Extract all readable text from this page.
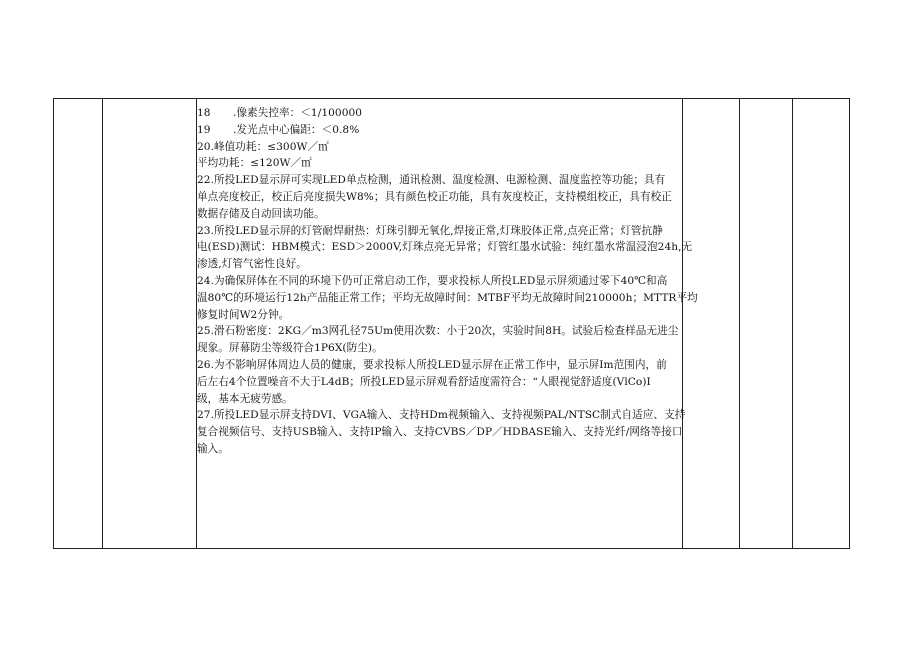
18 .像素失控率：＜1/100000
19 .发光点中心偏距：＜0.8%
20.峰值功耗：≤300W／㎡
平均功耗：≤120W／㎡
22.所投LED显示屏可实现LED单点检测，通讯检测、温度检测、电源检测、温度监控等功能；具有
单点亮度校正，校正后亮度损失W8%；具有颜色校正功能，具有灰度校正，支持模组校正，具有校正
数据存储及自动回读功能。
23.所投LED显示屏的灯管耐焊耐热：灯珠引脚无氧化,焊接正常,灯珠胶体正常,点亮正常；灯管抗静
电(ESD)测试：HBM模式：ESD＞2000V,灯珠点亮无异常；灯管红墨水试验：纯红墨水常温浸泡24h,无
渗透,灯管气密性良好。
24.为确保屏体在不同的环境下仍可正常启动工作，要求投标人所投LED显示屏须通过零下40℃和高
温80℃的环境运行12h产品能正常工作；平均无故障时间：MTBF平均无故障时间210000h；MTTR平均
修复时间W2分钟。
25.滑石粉密度：2KG／m3网孔径75Um使用次数：小于20次，实验时间8H。试验后检查样品无进尘
现象。屏幕防尘等级符合1P6X(防尘)。
26.为不影响屏体周边人员的健康，要求投标人所投LED显示屏在正常工作中，显示屏Im范围内，前
后左右4个位置噪音不大于L4dB；所投LED显示屏观看舒适度需符合：“人眼视觉舒适度(VlCo)I
级，基本无疲劳感。
27.所投LED显示屏支持DVI、VGA输入、支持HDm视频输入、支持视频PAL/NTSC制式自适应、支持
复合视频信号、支持USB输入、支持IP输入、支持CVBS／DP／HDBASE输入、支持光纤/网络等接口
输入。
